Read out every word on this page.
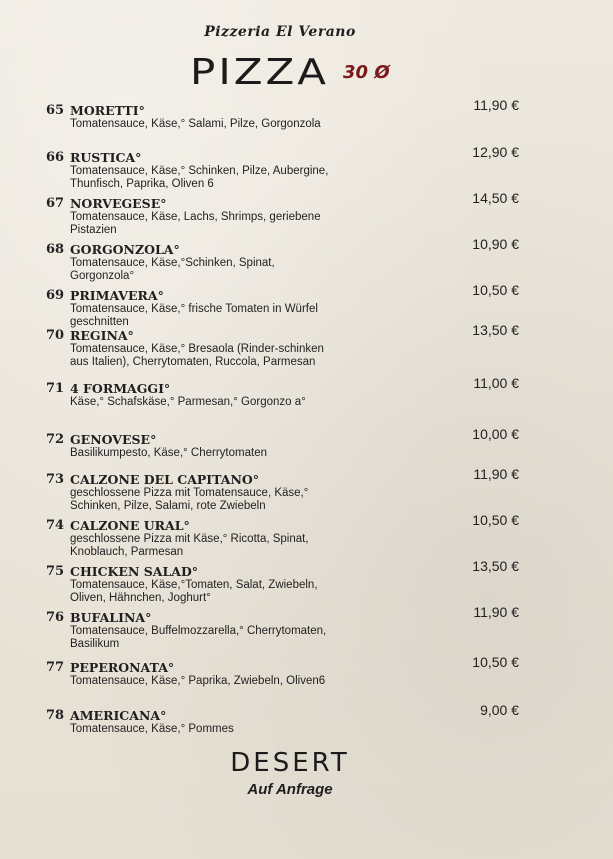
Pizzeria El Verano
PIZZA 30 Ø
65 MORETTI°
Tomatensauce, Käse,° Salami, Pilze, Gorgonzola
11,90 €
66 RUSTICA°
Tomatensauce, Käse,° Schinken, Pilze, Aubergine, Thunfisch, Paprika, Oliven 6
12,90 €
67 NORVEGESE°
Tomatensauce, Käse, Lachs, Shrimps, geriebene Pistazien
14,50 €
68 GORGONZOLA°
Tomatensauce, Käse,°Schinken, Spinat, Gorgonzola°
10,90 €
69 PRIMAVERA°
Tomatensauce, Käse,° frische Tomaten in Würfel geschnitten
10,50 €
70 REGINA°
Tomatensauce, Käse,° Bresaola (Rinder-schinken aus Italien), Cherrytomaten, Ruccola, Parmesan
13,50 €
71 4 FORMAGGI°
Käse,° Schafskäse,° Parmesan,° Gorgonzo a°
11,00 €
72 GENOVESE°
Basilikumpesto, Käse,° Cherrytomaten
10,00 €
73 CALZONE DEL CAPITANO°
geschlossene Pizza mit Tomatensauce, Käse,° Schinken, Pilze, Salami, rote Zwiebeln
11,90 €
74 CALZONE URAL°
geschlossene Pizza mit Käse,° Ricotta, Spinat, Knoblauch, Parmesan
10,50 €
75 CHICKEN SALAD°
Tomatensauce, Käse,°Tomaten, Salat, Zwiebeln, Oliven, Hähnchen, Joghurt°
13,50 €
76 BUFALINA°
Tomatensauce, Buffelmozzarella,° Cherrytomaten, Basilikum
11,90 €
77 PEPERONATA°
Tomatensauce, Käse,° Paprika, Zwiebeln, Oliven6
10,50 €
78 AMERICANA°
Tomatensauce, Käse,° Pommes
9,00 €
DESERT
Auf Anfrage
